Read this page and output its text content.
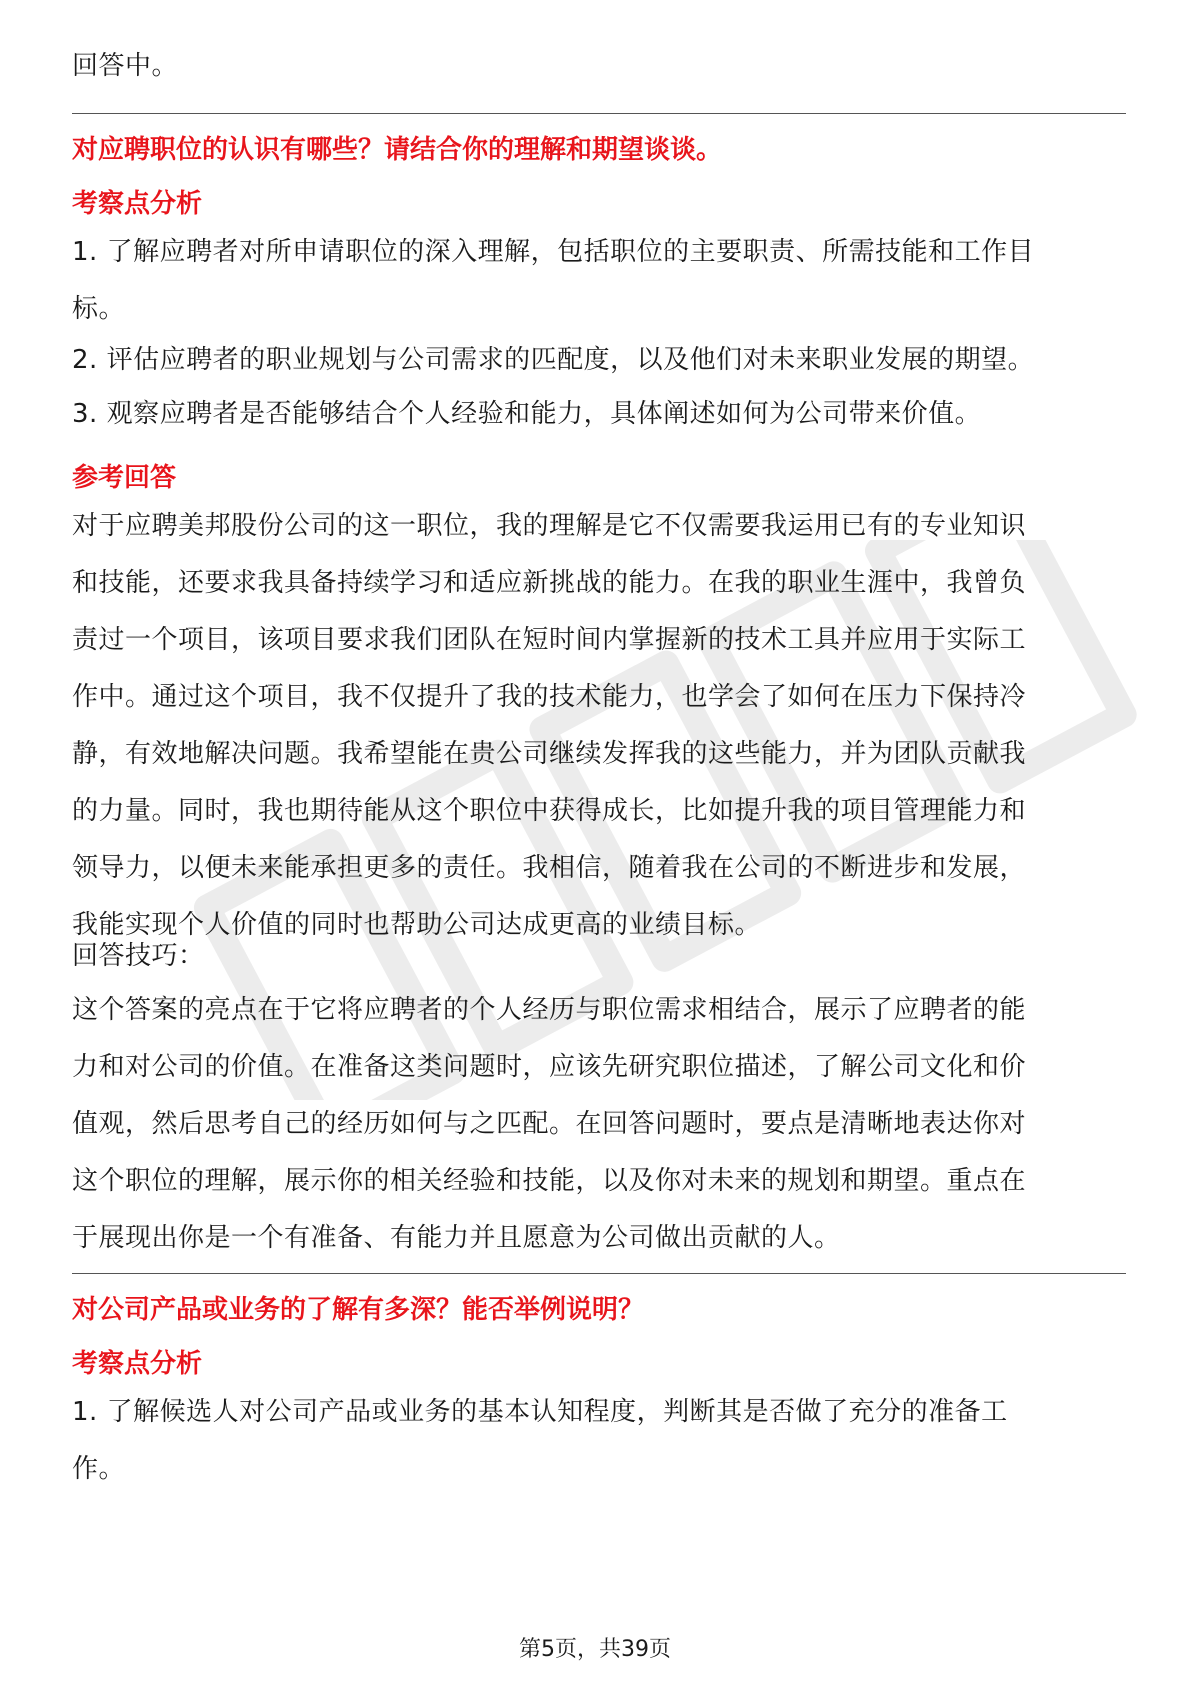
回答中。

对应聘职位的认识有哪些？请结合你的理解和期望谈谈。
考察点分析

1. 了解应聘者对所申请职位的深入理解，包括职位的主要职责、所需技能和工作目
标。

2. 评估应聘者的职业规划与公司需求的匹配度，以及他们对未来职业发展的期望。

3. 观察应聘者是否能够结合个人经验和能力，具体阐述如何为公司带来价值。

参考回答

对于应聘美邦股份公司的这一职位，我的理解是它不仅需要我运用已有的专业知识
和技能，还要求我具备持续学习和适应新挑战的能力。在我的职业生涯中，我曾负
责过一个项目，该项目要求我们团队在短时间内掌握新的技术工具并应用于实际工
作中。通过这个项目，我不仅提升了我的技术能力，也学会了如何在压力下保持冷
静，有效地解决问题。我希望能在贵公司继续发挥我的这些能力，并为团队贡献我
的力量。同时，我也期待能从这个职位中获得成长，比如提升我的项目管理能力和
领导力，以便未来能承担更多的责任。我相信，随着我在公司的不断进步和发展，
我能实现个人价值的同时也帮助公司达成更高的业绩目标。

回答技巧：

这个答案的亮点在于它将应聘者的个人经历与职位需求相结合，展示了应聘者的能
力和对公司的价值。在准备这类问题时，应该先研究职位描述，了解公司文化和价
值观，然后思考自己的经历如何与之匹配。在回答问题时，要点是清晰地表达你对
这个职位的理解，展示你的相关经验和技能，以及你对未来的规划和期望。重点在
于展现出你是一个有准备、有能力并且愿意为公司做出贡献的人。

对公司产品或业务的了解有多深？能否举例说明？
考察点分析

1. 了解候选人对公司产品或业务的基本认知程度，判断其是否做了充分的准备工
作。

第5页，共39页
